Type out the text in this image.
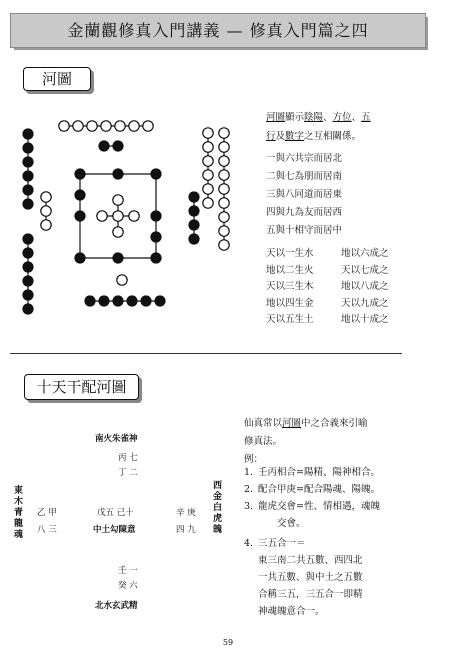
金蘭觀修真入門講義 — 修真入門篇之四
河圖
河圖顯示陰陽、方位、五
行及數字之互相關係。
一與六共宗而居北
二與七為朋而居南
三與八同道而居東
四與九為友而居西
五與十相守而居中
天以一生水	地以六成之
地以二生火	天以七成之
天以三生木	地以八成之
地以四生金	天以九成之
天以五生土	地以十成之
十天干配河圖
南火朱雀神
丙 七
丁 二
東木青龍魂
乙 甲
八 三
戊五 己十
中土勾陳意
辛 庚
四 九
西金白虎魄
壬 一
癸 六
北水玄武精
仙真常以河圖中之合義來引喻
修真法。
例：
1. 壬丙相合=陽精、陽神相合。
2. 配合甲庚=配合陽魂、陽魄。
3. 龍虎交會=性、情相遇，魂魄
　　交會。
4. 三五合一＝
東三南二共五數、西四北
一共五數、與中土之五數
合稱三五，三五合一即精
神魂魄意合一。
59
